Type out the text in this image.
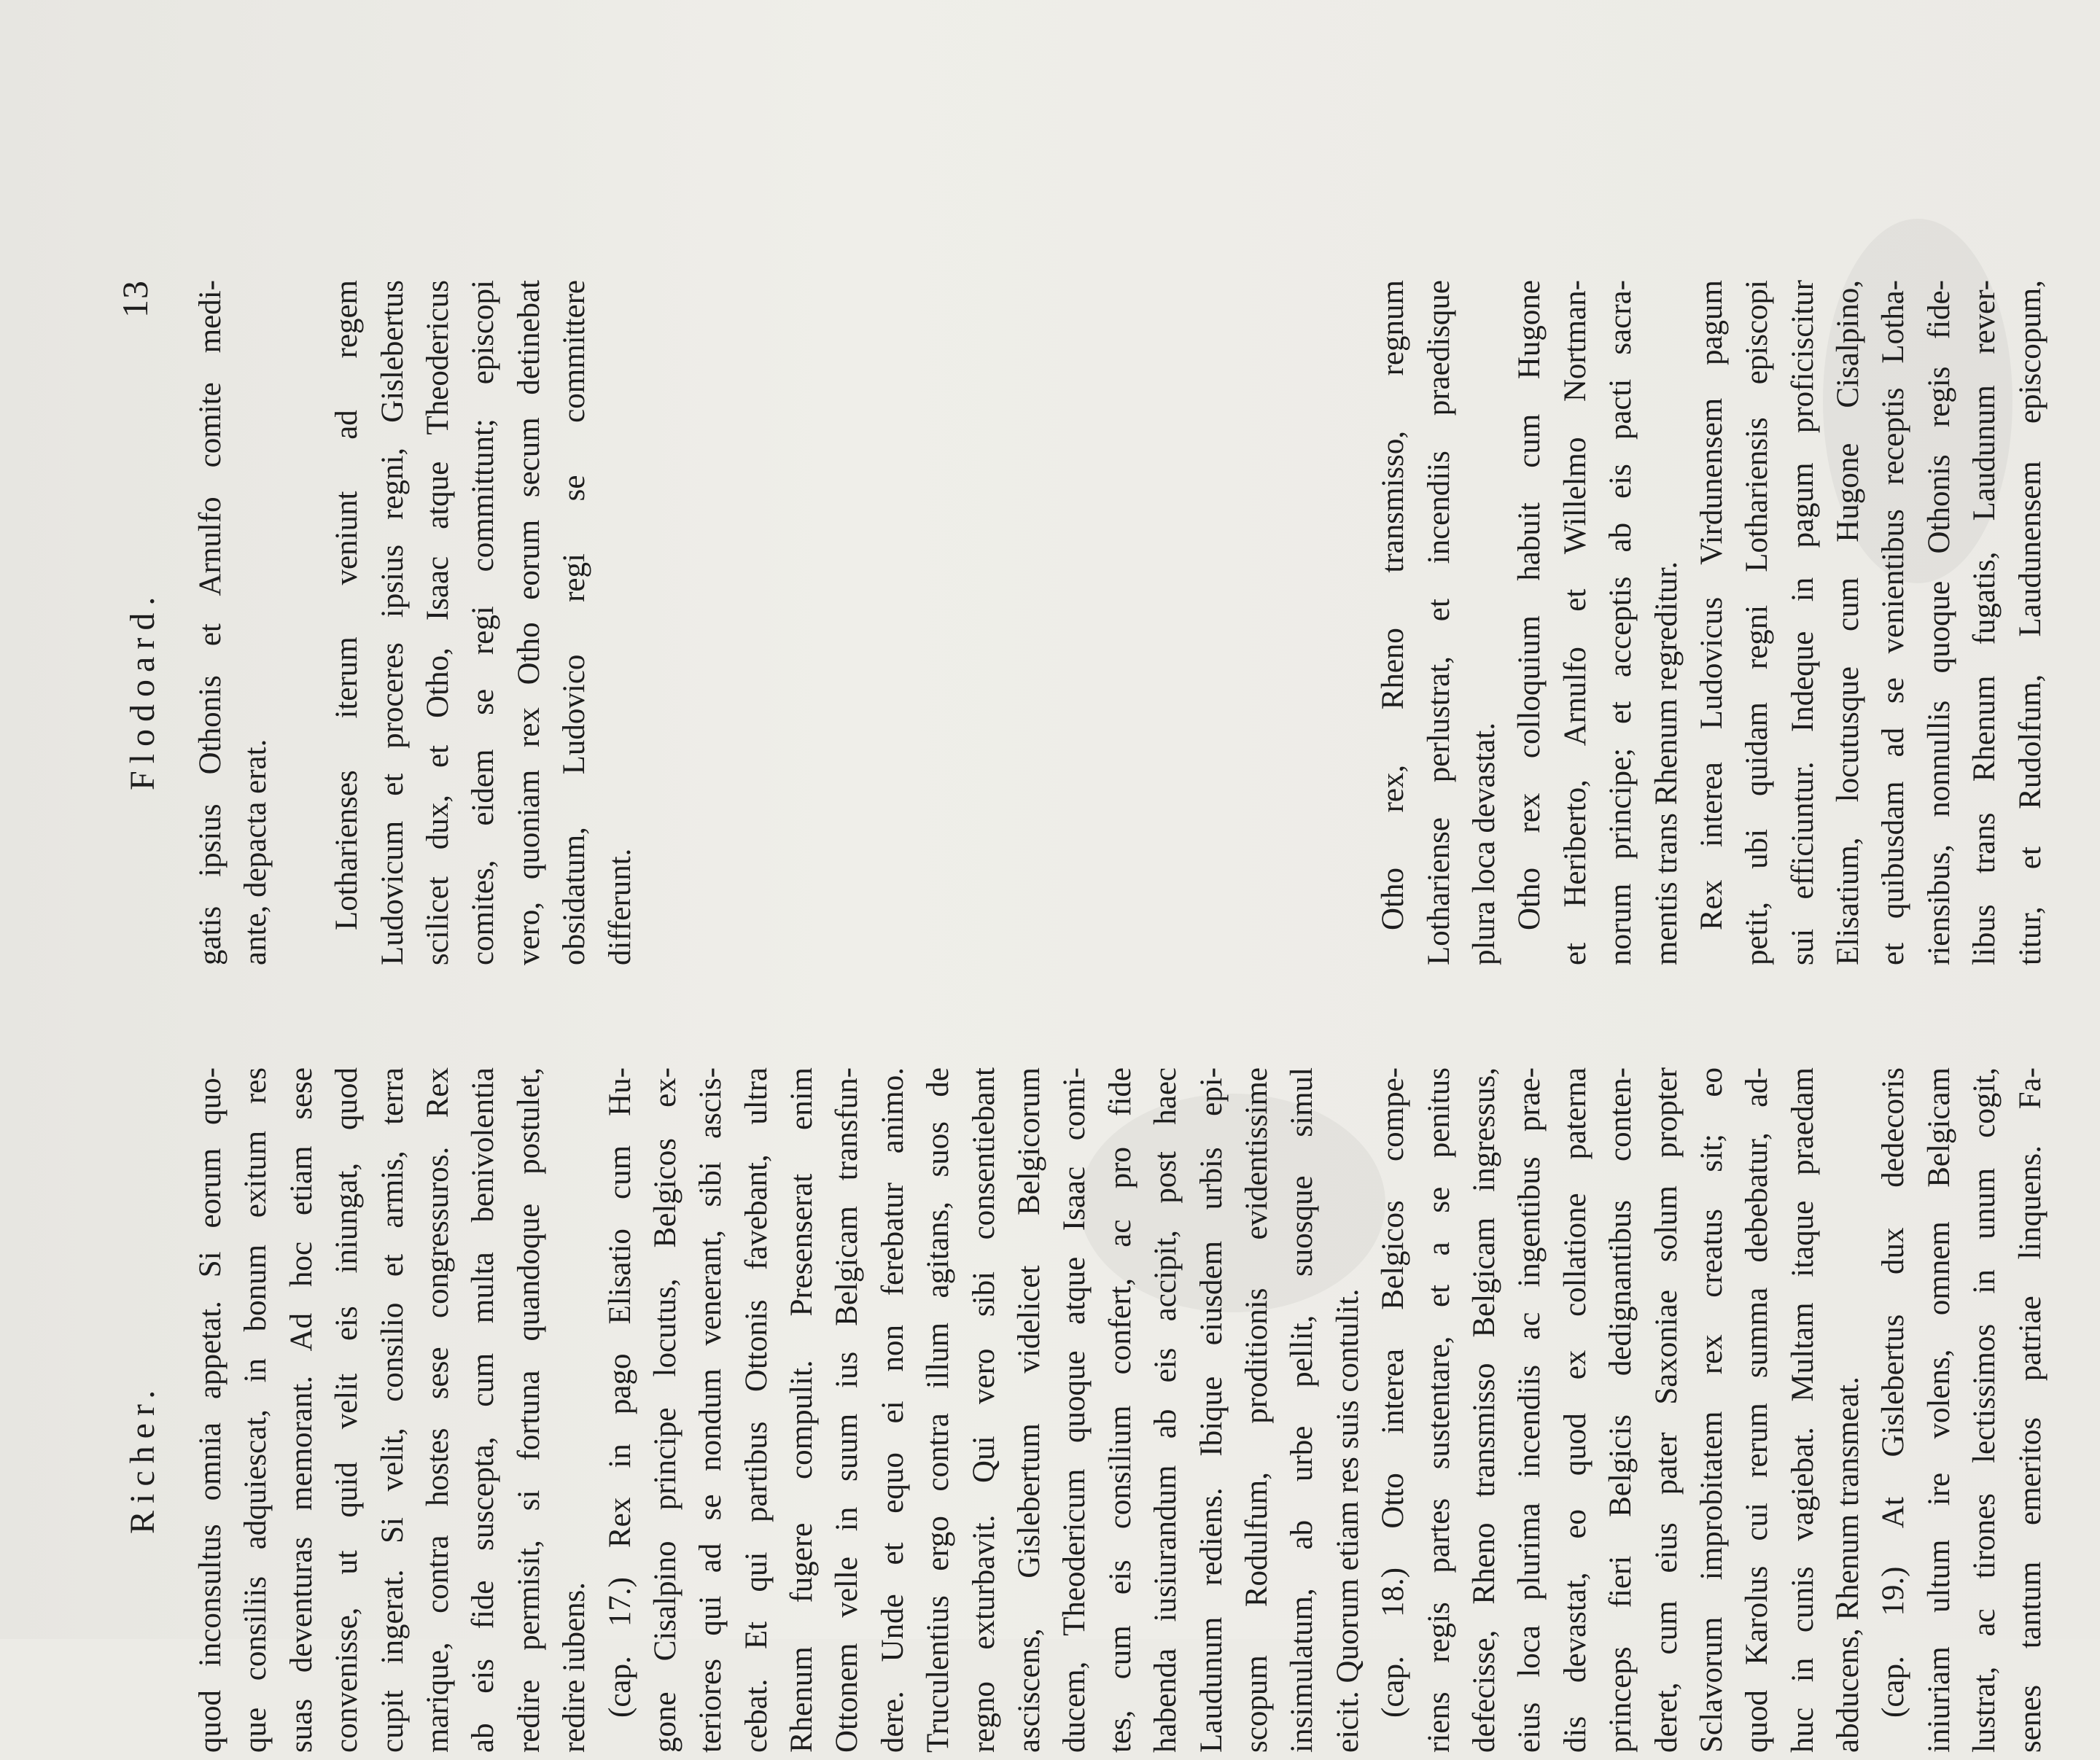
Richer.
Flodoard.
13
quod inconsultus omnia appetat. Si eorum quo- que consiliis adquiescat, in bonum exitum res suas deventuras memorant. Ad hoc etiam sese convenisse, ut quid velit eis iniungat, quod cupit ingerat. Si velit, consilio et armis, terra marique, contra hostes sese congressuros. Rex ab eis fide suscepta, cum multa benivolentia redire permisit, si fortuna quandoque postulet, redire iubens. (cap. 17.) Rex in pago Elisatio cum Hu- gone Cisalpino principe locutus, Belgicos ex- teriores qui ad se nondum venerant, sibi ascis- cebat. Et qui partibus Ottonis favebant, ultra Rhenum fugere compulit. Presenserat enim Ottonem velle in suum ius Belgicam transfun- dere. Unde et equo ei non ferebatur animo. Truculentius ergo contra illum agitans, suos de regno exturbavit. Qui vero sibi consentiebant asciscens, Gislebertum videlicet Belgicorum ducem, Theodericum quoque atque Isaac comi- tes, cum eis consilium confert, ac pro fide habenda iusiurandum ab eis accipit, post haec Laudunum rediens. Ibique eiusdem urbis epi- scopum Rodulfum, proditionis evidentissime insimulatum, ab urbe pellit, suosque simul eicit. Quorum etiam res suis contulit. (cap. 18.) Otto interea Belgicos compe- riens regis partes sustentare, et a se penitus defecisse, Rheno transmisso Belgicam ingressus, eius loca plurima incendiis ac ingentibus prae- dis devastat, eo quod ex collatione paterna princeps fieri Belgicis dedignantibus conten- deret, cum eius pater Saxoniae solum propter Sclavorum improbitatem rex creatus sit; eo quod Karolus cui rerum summa debebatur, ad- huc in cunis vagiebat. Multam itaque praedam abducens, Rhenum transmeat. (cap. 19.) At Gislebertus dux dedecoris iniuriam ultum ire volens, omnem Belgicam lustrat, ac tirones lectissimos in unum cogit, senes tantum emeritos patriae linquens. Fa-
gatis ipsius Othonis et Arnulfo comite medi- ante, depacta erat. Lotharienses iterum veniunt ad regem Ludovicum et proceres ipsius regni, Gislebertus scilicet dux, et Otho, Isaac atque Theodericus comites, eidem se regi committunt; episcopi vero, quoniam rex Otho eorum secum detinebat obsidatum, Ludovico regi se committere differunt.	Otho rex, Rheno transmisso, regnum Lothariense perlustrat, et incendiis praedisque plura loca devastat. Otho rex colloquium habuit cum Hugone et Heriberto, Arnulfo et Willelmo Nortman- norum principe; et acceptis ab eis pacti sacra- mentis trans Rhenum regreditur. Rex interea Ludovicus Virdunensem pagum petit, ubi quidam regni Lothariensis episcopi sui efficiuntur. Indeque in pagum proficiscitur Elisatium, locutusque cum Hugone Cisalpino, et quibusdam ad se venientibus receptis Lotha- riensibus, nonnullis quoque Othonis regis fide- libus trans Rhenum fugatis, Laudunum rever- titur, et Rudolfum, Laudunensem episcopum,
